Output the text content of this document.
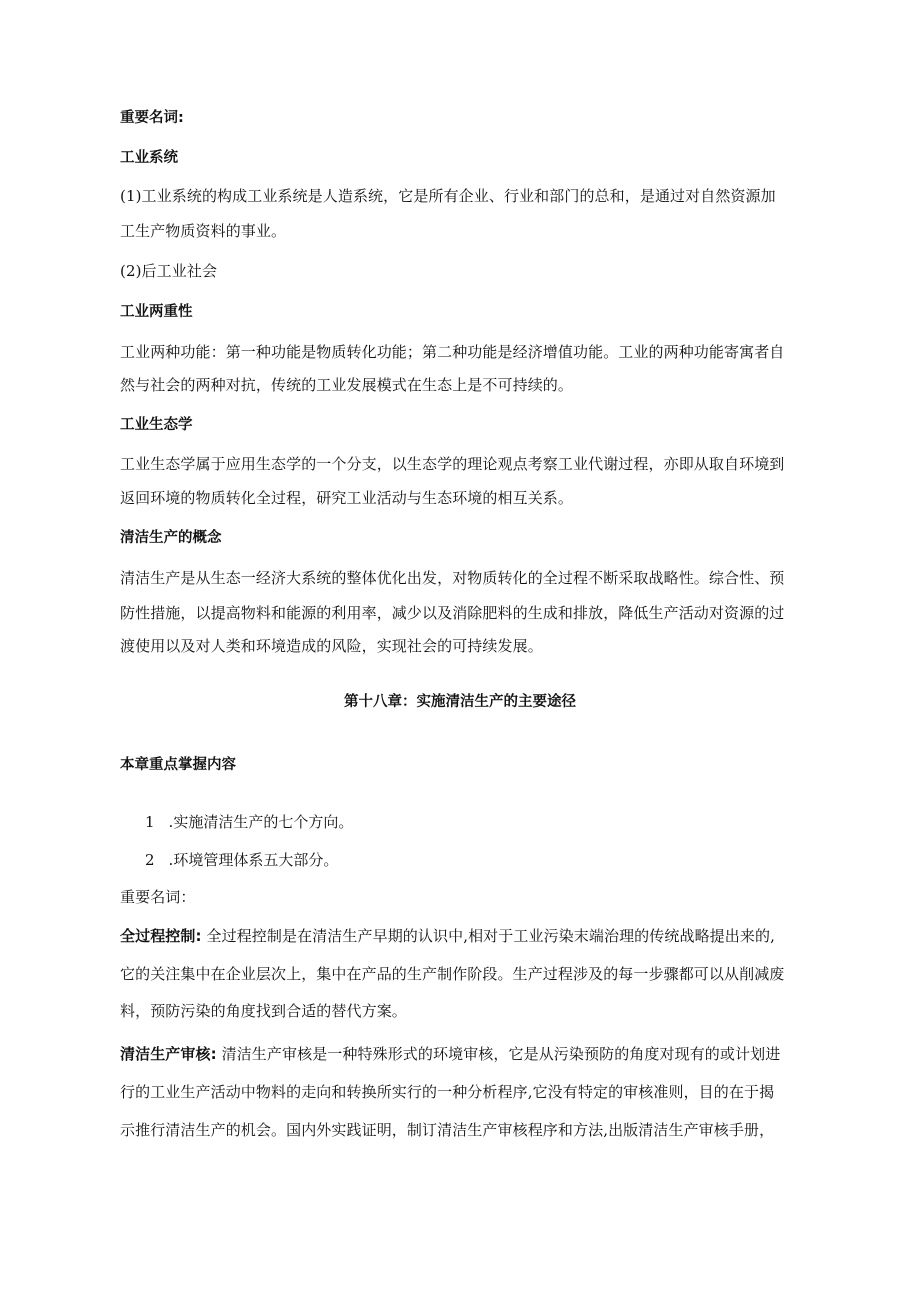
重要名词:
工业系统
(1)工业系统的构成工业系统是人造系统，它是所有企业、行业和部门的总和，是通过对自然资源加
工生产物质资料的事业。
(2)后工业社会
工业两重性
工业两种功能：第一种功能是物质转化功能；第二种功能是经济增值功能。工业的两种功能寄寓者自
然与社会的两种对抗，传统的工业发展模式在生态上是不可持续的。
工业生态学
工业生态学属于应用生态学的一个分支，以生态学的理论观点考察工业代谢过程，亦即从取自环境到
返回环境的物质转化全过程，研究工业活动与生态环境的相互关系。
清洁生产的概念
清洁生产是从生态一经济大系统的整体优化出发，对物质转化的全过程不断采取战略性。综合性、预
防性措施，以提高物料和能源的利用率，减少以及消除肥料的生成和排放，降低生产活动对资源的过
渡使用以及对人类和环境造成的风险，实现社会的可持续发展。
第十八章：实施清洁生产的主要途径
本章重点掌握内容
1 .实施清洁生产的七个方向。
2 .环境管理体系五大部分。
重要名词：
全过程控制: 全过程控制是在清洁生产早期的认识中,相对于工业污染末端治理的传统战略提出来的,
它的关注集中在企业层次上，集中在产品的生产制作阶段。生产过程涉及的每一步骤都可以从削减废
料，预防污染的角度找到合适的替代方案。
清洁生产审核: 清洁生产审核是一种特殊形式的环境审核，它是从污染预防的角度对现有的或计划进
行的工业生产活动中物料的走向和转换所实行的一种分析程序,它没有特定的审核准则，目的在于揭
示推行清洁生产的机会。国内外实践证明，制订清洁生产审核程序和方法,出版清洁生产审核手册，
